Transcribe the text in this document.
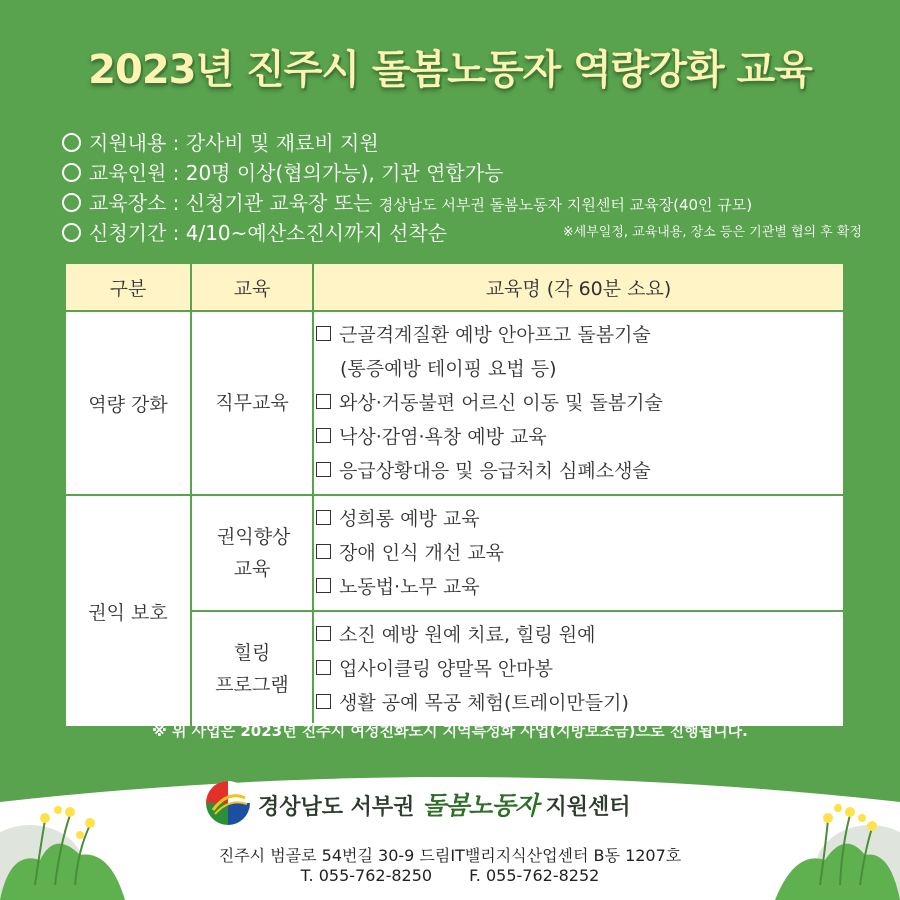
2023년 진주시 돌봄노동자 역량강화 교육
지원내용 : 강사비 및 재료비 지원
교육인원 : 20명 이상(협의가능), 기관 연합가능
교육장소 : 신청기관 교육장 또는 경상남도 서부권 돌봄노동자 지원센터 교육장(40인 규모)
신청기간 : 4/10~예산소진시까지 선착순	※세부일정, 교육내용, 장소 등은 기관별 협의 후 확정
구분	교육	교육명 (각 60분 소요)
역량 강화	직무교육	근골격계질환 예방 안아프고 돌봄기술
(통증예방 테이핑 요법 등)
와상·거동불편 어르신 이동 및 돌봄기술
낙상·감염·욕창 예방 교육
응급상황대응 및 응급처치 심폐소생술

권익 보호	권익향상 교육	성희롱 예방 교육
장애 인식 개선 교육
노동법·노무 교육

	힐링 프로그램	소진 예방 원예 치료, 힐링 원예
업사이클링 양말목 안마봉
생활 공예 목공 체험(트레이만들기)
※ 위 사업은 2023년 진주시 여성친화도시 지역특성화 사업(지방보조금)으로 진행됩니다.
경상남도 서부권 돌봄노동자 지원센터
진주시 범골로 54번길 30-9 드림IT밸리지식산업센터 B동 1207호
T. 055-762-8250 F. 055-762-8252
